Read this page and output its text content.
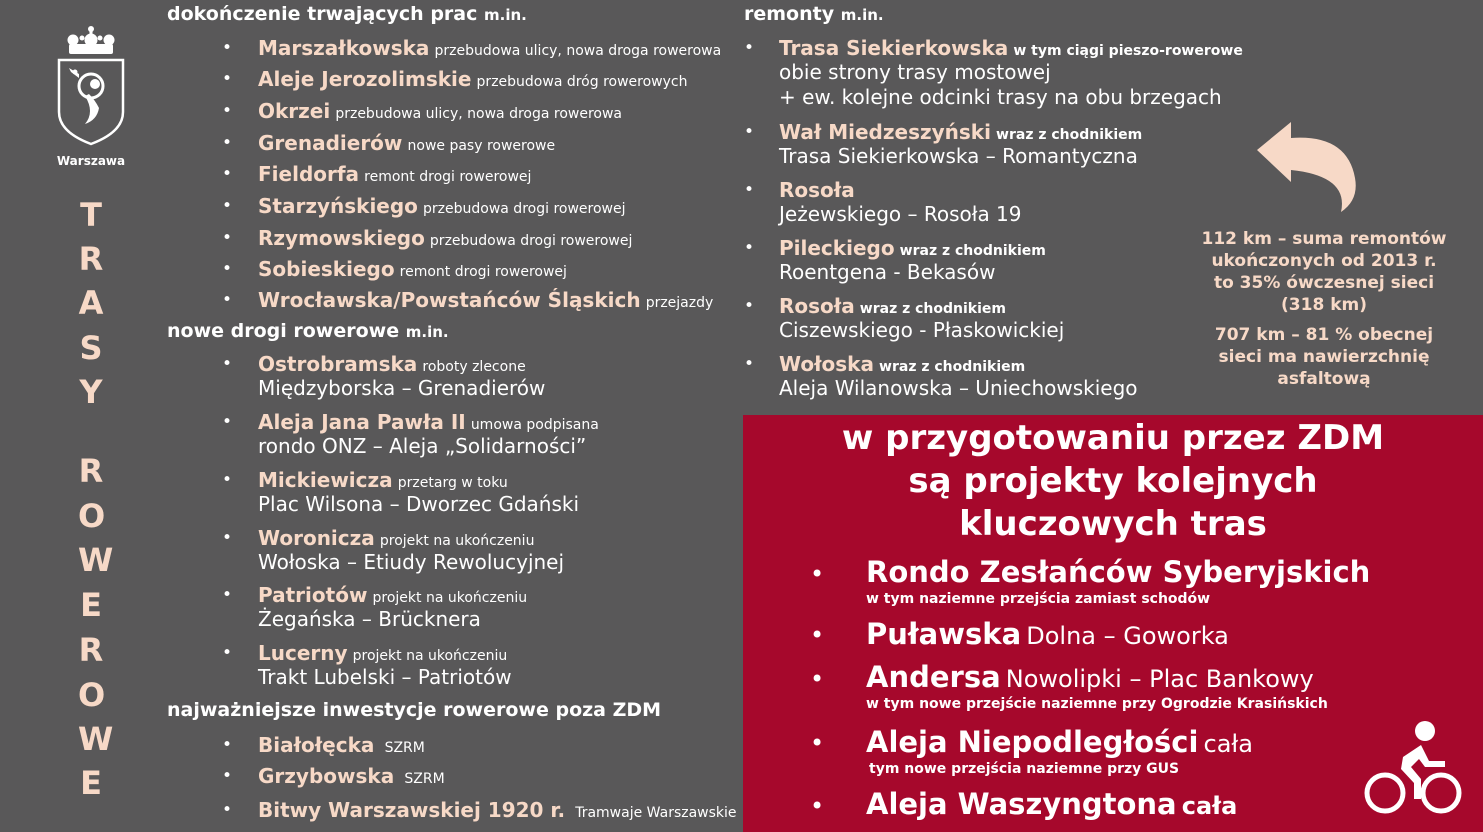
Warszawa
T
R
A
S
Y
R
O
W
E
R
O
W
E
dokończenie trwających prac m.in.
• Marszałkowska przebudowa ulicy, nowa droga rowerowa
• Aleje Jerozolimskie przebudowa dróg rowerowych
• Okrzei przebudowa ulicy, nowa droga rowerowa
• Grenadierów nowe pasy rowerowe
• Fieldorfa remont drogi rowerowej
• Starzyńskiego przebudowa drogi rowerowej
• Rzymowskiego przebudowa drogi rowerowej
• Sobieskiego remont drogi rowerowej
• Wrocławska/Powstańców Śląskich przejazdy
nowe drogi rowerowe m.in.
• Ostrobramska roboty zlecone
Międzyborska – Grenadierów
• Aleja Jana Pawła II umowa podpisana
rondo ONZ – Aleja „Solidarności”
• Mickiewicza przetarg w toku
Plac Wilsona – Dworzec Gdański
• Woronicza projekt na ukończeniu
Wołoska – Etiudy Rewolucyjnej
• Patriotów projekt na ukończeniu
Żegańska – Brücknera
• Lucerny projekt na ukończeniu
Trakt Lubelski – Patriotów
najważniejsze inwestycje rowerowe poza ZDM
• Białołęcka SZRM
• Grzybowska SZRM
• Bitwy Warszawskiej 1920 r. Tramwaje Warszawskie
remonty m.in.
• Trasa Siekierkowska w tym ciągi pieszo-rowerowe
obie strony trasy mostowej
+ ew. kolejne odcinki trasy na obu brzegach
• Wał Miedzeszyński wraz z chodnikiem
Trasa Siekierkowska – Romantyczna
• Rosoła
Jeżewskiego – Rosoła 19
• Pileckiego wraz z chodnikiem
Roentgena - Bekasów
• Rosoła wraz z chodnikiem
Ciszewskiego - Płaskowickiej
• Wołoska wraz z chodnikiem
Aleja Wilanowska – Uniechowskiego
112 km – suma remontów
ukończonych od 2013 r.
to 35% ówczesnej sieci
(318 km)
707 km – 81 % obecnej
sieci ma nawierzchnię
asfaltową
w przygotowaniu przez ZDM
są projekty kolejnych
kluczowych tras
• Rondo Zesłańców Syberyjskich
w tym naziemne przejścia zamiast schodów
• Puławska Dolna – Goworka
• Andersa Nowolipki – Plac Bankowy
w tym nowe przejście naziemne przy Ogrodzie Krasińskich
• Aleja Niepodległości cała
tym nowe przejścia naziemne przy GUS
• Aleja Waszyngtona cała
